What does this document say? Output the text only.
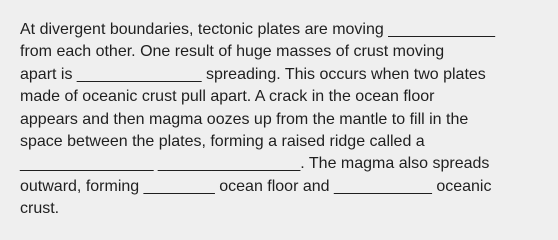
At divergent boundaries, tectonic plates are moving ____________
from each other. One result of huge masses of crust moving
apart is ______________ spreading. This occurs when two plates
made of oceanic crust pull apart. A crack in the ocean floor
appears and then magma oozes up from the mantle to fill in the
space between the plates, forming a raised ridge called a
_______________ ________________. The magma also spreads
outward, forming ________ ocean floor and ___________ oceanic
crust.
